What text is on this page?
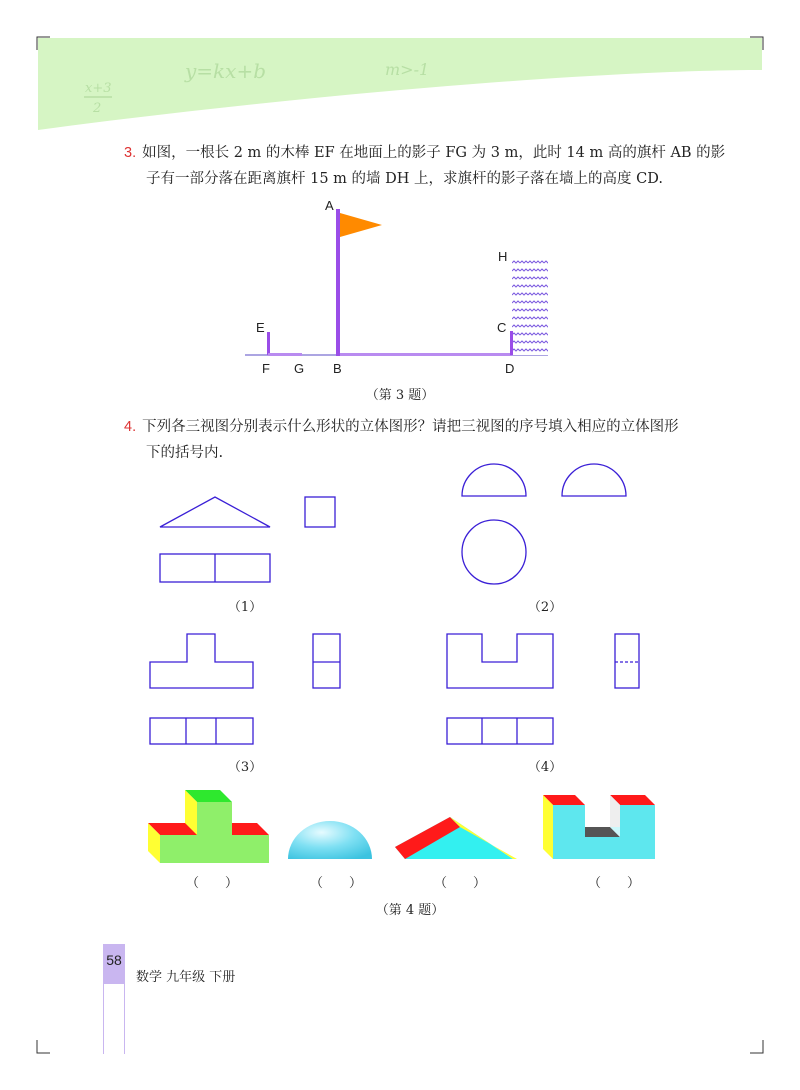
x+3
2
y=kx+b	m>-1
3. 如图，一根长 2 m 的木棒 EF 在地面上的影子 FG 为 3 m，此时 14 m 高的旗杆 AB 的影
子有一部分落在距离旗杆 15 m 的墙 DH 上，求旗杆的影子落在墙上的高度 CD.
A
H
E	C
F G B	D
（第 3 题）
4. 下列各三视图分别表示什么形状的立体图形？请把三视图的序号填入相应的立体图形
下的括号内.
（1）	（2）
（3）	（4）
（　　）	（　　）	（　　）	（　　）
（第 4 题）
58
数学 九年级 下册
